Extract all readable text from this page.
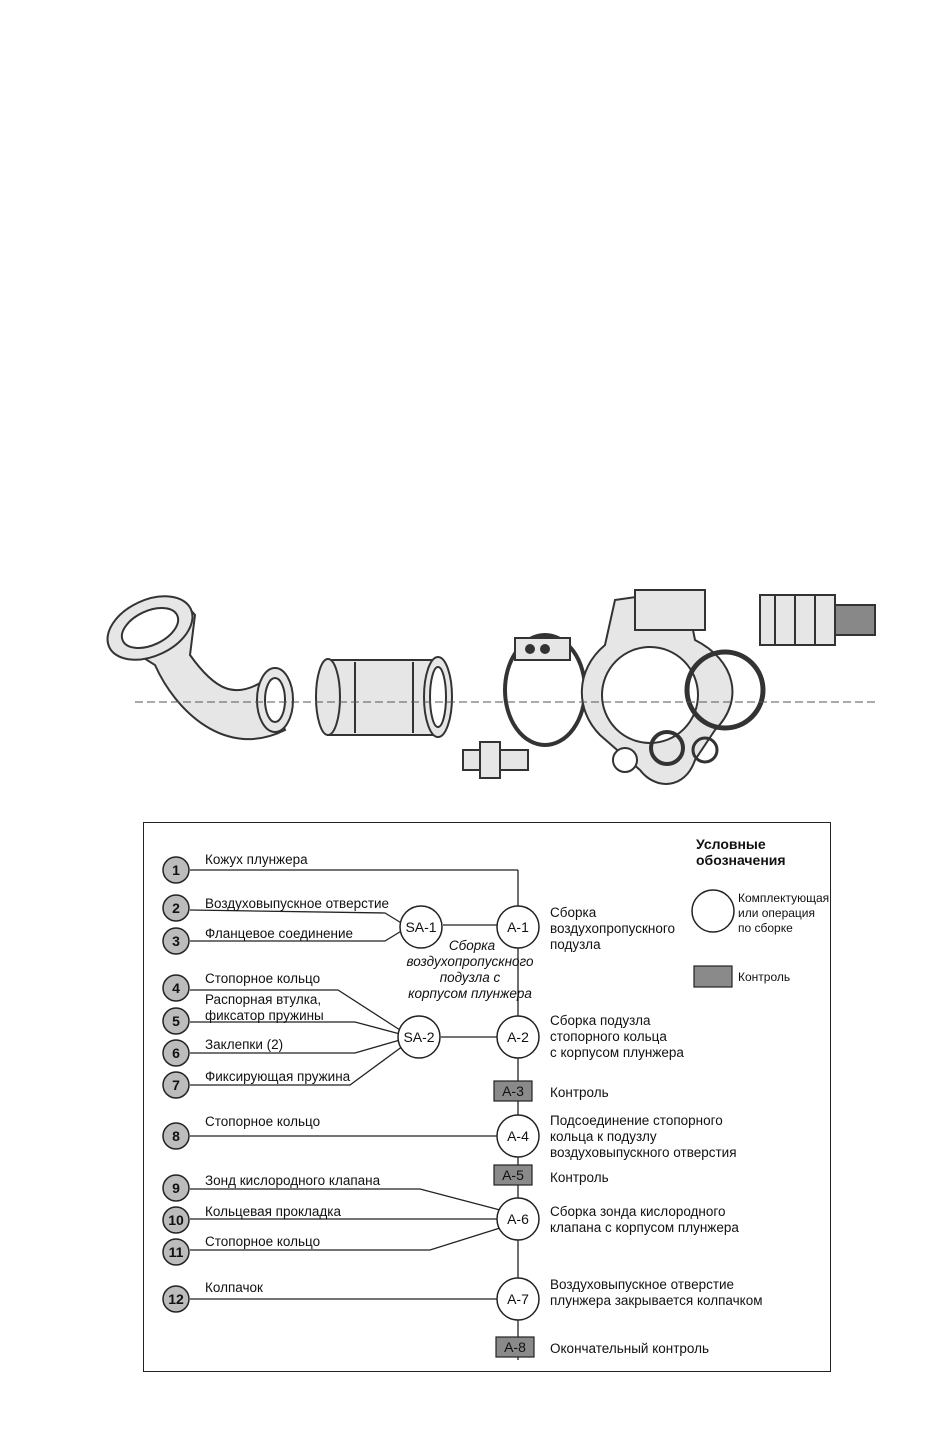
1
2
3
4
5
6
7
8
9
10
11
12
Кожух плунжера
Воздуховыпускное отверстие
Фланцевое соединение
Стопорное кольцо
Распорная втулка,
фиксатор пружины
Заклепки (2)
Фиксирующая пружина
Стопорное кольцо
Зонд кислородного клапана
Кольцевая прокладка
Стопорное кольцо
Колпачок
SA-1
SA-2
Сборка
воздухопропускного
подузла с
корпусом плунжера
A-1
A-2
A-3
A-4
A-5
A-6
A-7
A-8
Сборка
воздухопропускного
подузла
Сборка подузла
стопорного кольца
с корпусом плунжера
Контроль
Подсоединение стопорного
кольца к подузлу
воздуховыпускного отверстия
Контроль
Сборка зонда кислородного
клапана с корпусом плунжера
Воздуховыпускное отверстие
плунжера закрывается колпачком
Окончательный контроль
Условные
обозначения
Комплектующая
или операция
по сборке
Контроль
